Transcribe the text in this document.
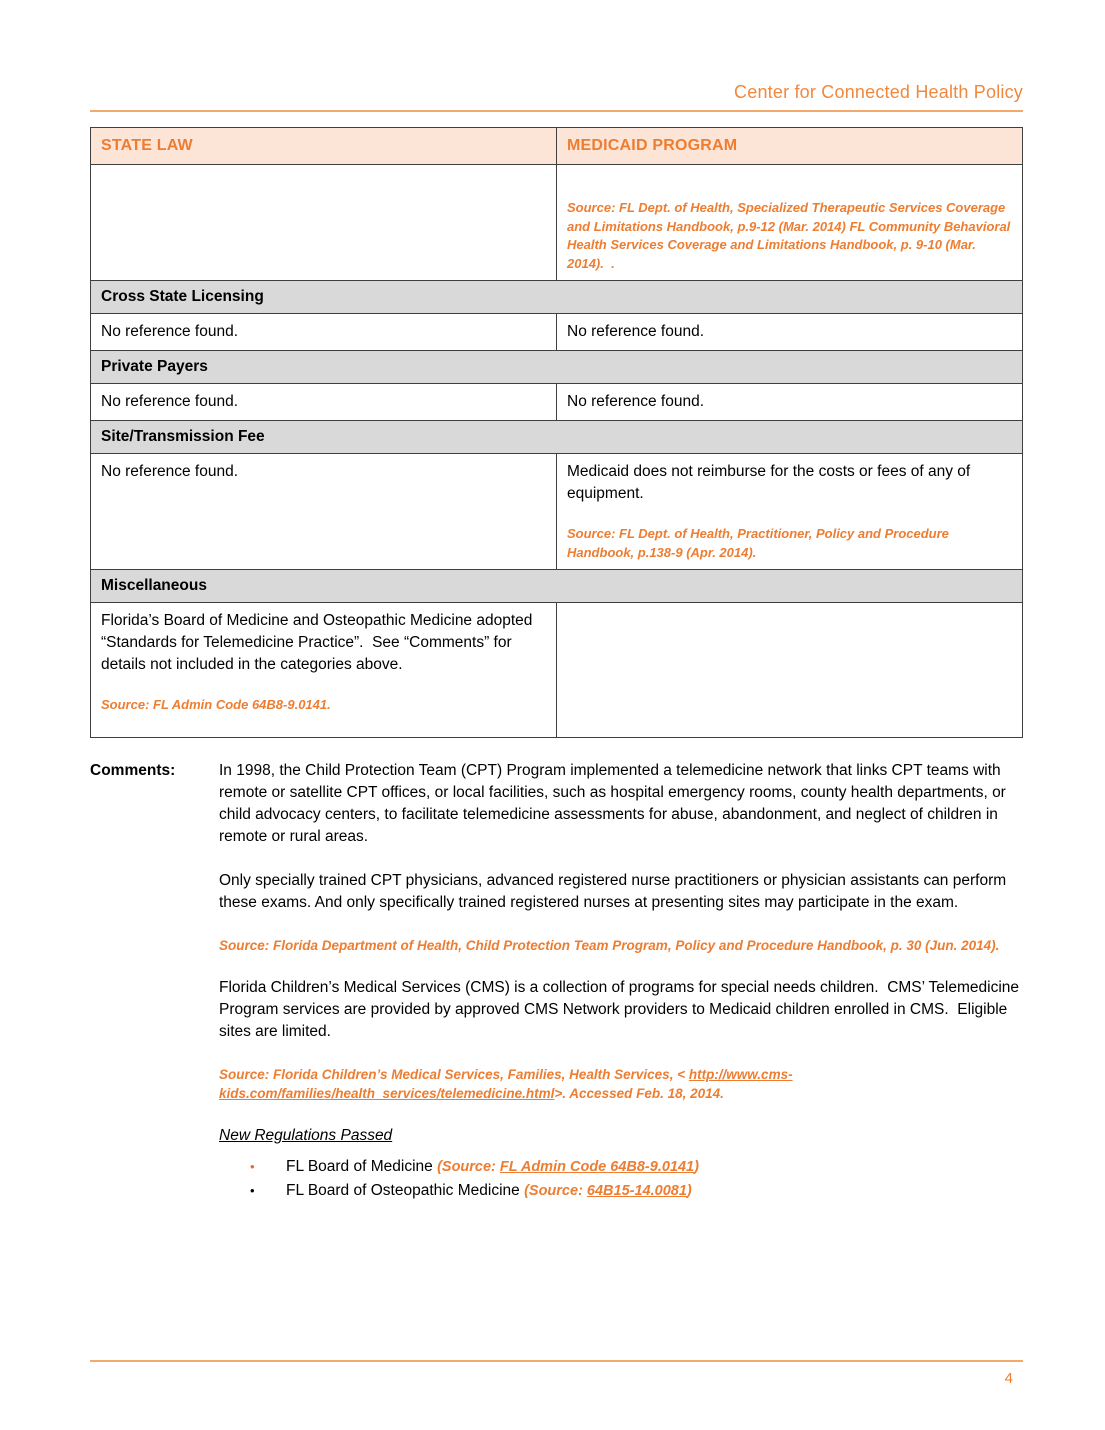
Center for Connected Health Policy
STATE LAW	MEDICAID PROGRAM

	Source: FL Dept. of Health, Specialized Therapeutic Services Coverage and Limitations Handbook, p.9-12 (Mar. 2014) FL Community Behavioral Health Services Coverage and Limitations Handbook, p. 9-10 (Mar. 2014).  .

Cross State Licensing	

No reference found.	No reference found.

Private Payers	

No reference found.	No reference found.

Site/Transmission Fee	

No reference found.	Medicaid does not reimburse for the costs or fees of any of equipment.

Source: FL Dept. of Health, Practitioner, Policy and Procedure Handbook, p.138-9 (Apr. 2014).

Miscellaneous	

Florida’s Board of Medicine and Osteopathic Medicine adopted “Standards for Telemedicine Practice”.  See “Comments” for details not included in the categories above.

Source: FL Admin Code 64B8-9.0141.	

Comments:	In 1998, the Child Protection Team (CPT) Program implemented a telemedicine network that links CPT teams with remote or satellite CPT offices, or local facilities, such as hospital emergency rooms, county health departments, or child advocacy centers, to facilitate telemedicine assessments for abuse, abandonment, and neglect of children in remote or rural areas.

Only specially trained CPT physicians, advanced registered nurse practitioners or physician assistants can perform these exams. And only specifically trained registered nurses at presenting sites may participate in the exam.

Source: Florida Department of Health, Child Protection Team Program, Policy and Procedure Handbook, p. 30 (Jun. 2014).

Florida Children’s Medical Services (CMS) is a collection of programs for special needs children.  CMS’ Telemedicine Program services are provided by approved CMS Network providers to Medicaid children enrolled in CMS.  Eligible sites are limited.

Source: Florida Children’s Medical Services, Families, Health Services, < http://www.cms-kids.com/families/health_services/telemedicine.html>. Accessed Feb. 18, 2014.

New Regulations Passed

•	FL Board of Medicine (Source: FL Admin Code 64B8-9.0141)
•	FL Board of Osteopathic Medicine (Source: 64B15-14.0081)
4
